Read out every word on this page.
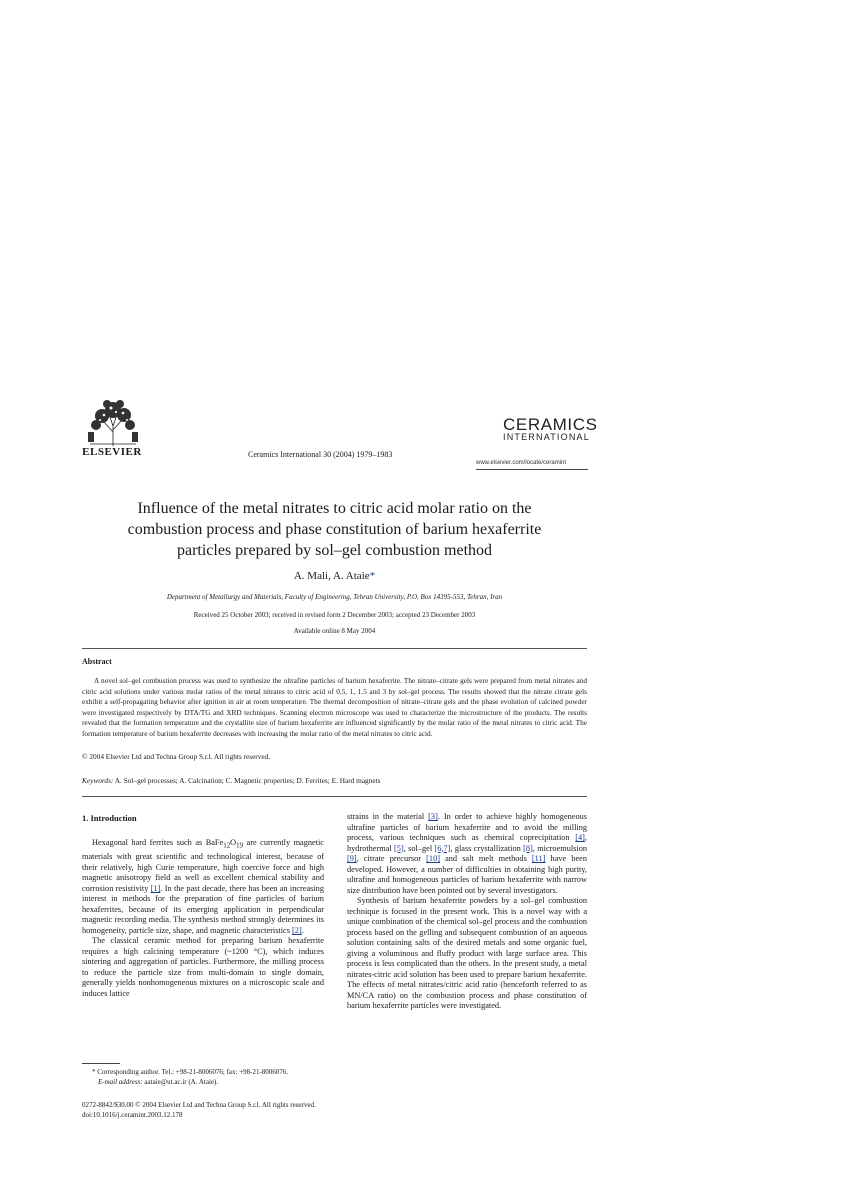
ELSEVIER	Ceramics International 30 (2004) 1979–1983
CERAMICS
INTERNATIONAL
www.elsevier.com/locate/ceramint
Influence of the metal nitrates to citric acid molar ratio on the
combustion process and phase constitution of barium hexaferrite
particles prepared by sol–gel combustion method
A. Mali, A. Ataie*
Department of Metallurgy and Materials, Faculty of Engineering, Tehran University, P.O. Box 14395-553, Tehran, Iran
Received 25 October 2003; received in revised form 2 December 2003; accepted 23 December 2003
Available online 8 May 2004
Abstract
A novel sol–gel combustion process was used to synthesize the ultrafine particles of barium hexaferrite. The nitrate–citrate gels were prepared from metal nitrates and citric acid solutions under various molar ratios of the metal nitrates to citric acid of 0.5, 1, 1.5 and 3 by sol–gel process. The results showed that the nitrate citrate gels exhibit a self-propagating behavior after ignition in air at room temperature. The thermal decomposition of nitrate–citrate gels and the phase evolution of calcined powder were investigated respectively by DTA/TG and XRD techniques. Scanning electron microscope was used to characterize the microstructure of the products. The results revealed that the formation temperature and the crystallite size of barium hexaferrite are influenced significantly by the molar ratio of the metal nitrates to citric acid. The formation temperature of barium hexaferrite decreases with increasing the molar ratio of the metal nitrates to citric acid.
© 2004 Elsevier Ltd and Techna Group S.r.l. All rights reserved.
Keywords: A. Sol–gel processes; A. Calcination; C. Magnetic properties; D. Ferrites; E. Hard magnets
1. Introduction

Hexagonal hard ferrites such as $BaFe_{12}O_{19}$ are currently magnetic materials with great scientific and technological interest, because of their relatively, high Curie temperature, high coercive force and high magnetic anisotropy field as well as excellent chemical stability and corrosion resistivity [1]. In the past decade, there has been an increasing interest in methods for the preparation of fine particles of barium hexaferrites, because of its emerging application in perpendicular magnetic recording media. The synthesis method strongly determines its homogeneity, particle size, shape, and magnetic characteristics [2].

The classical ceramic method for preparing barium hexaferrite requires a high calcining temperature (~1200 °C), which induces sintering and aggregation of particles. Furthermore, the milling process to reduce the particle size from multi-domain to single domain, generally yields nonhomogeneous mixtures on a microscopic scale and induces lattice

strains in the material [3]. In order to achieve highly homogeneous ultrafine particles of barium hexaferrite and to avoid the milling process, various techniques such as chemical coprecipitation [4], hydrothermal [5], sol–gel [6,7], glass crystallization [8], microemulsion [9], citrate precursor [10] and salt melt methods [11] have been developed. However, a number of difficulties in obtaining high purity, ultrafine and homogeneous particles of barium hexaferrite with narrow size distribution have been pointed out by several investigators.

Synthesis of barium hexaferrite powders by a sol–gel combustion technique is focused in the present work. This is a novel way with a unique combination of the chemical sol–gel process and the combustion process based on the gelling and subsequent combustion of an aqueous solution containing salts of the desired metals and some organic fuel, giving a voluminous and fluffy product with large surface area. This process is less complicated than the others. In the present study, a metal nitrates-citric acid solution has been used to prepare barium hexaferrite. The effects of metal nitrates/citric acid ratio (henceforth referred to as MN/CA ratio) on the combustion process and phase constitution of barium hexaferrite particles were investigated.

* Corresponding author. Tel.: +98-21-8006076; fax: +98-21-8006076.
E-mail address: aataie@ut.ac.ir (A. Ataie).
0272-8842/$30.00 © 2004 Elsevier Ltd and Techna Group S.r.l. All rights reserved.
doi:10.1016/j.ceramint.2003.12.178
